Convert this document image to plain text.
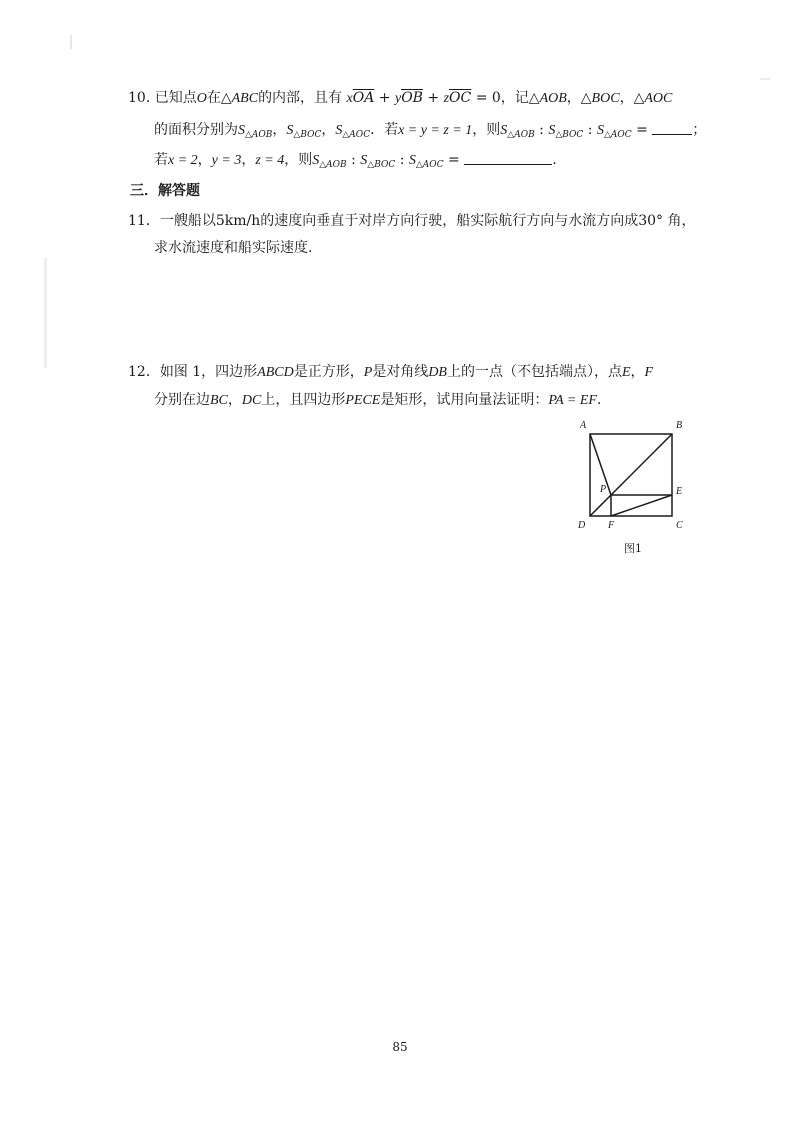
10. 已知点O在△ABC的内部，且有 $x\overline{OA} + y\overline{OB} + z\overline{OC} = 0$，记△AOB，△BOC，△AOC
的面积分别为$S_{\triangle AOB}$，$S_{\triangle BOC}$，$S_{\triangle AOC}$．若x = y = z = 1，则$S_{\triangle AOB}$ : $S_{\triangle BOC}$ : $S_{\triangle AOC}$ =	；
若x = 2，y = 3，z = 4，则$S_{\triangle AOB}$ : $S_{\triangle BOC}$ : $S_{\triangle AOC}$ =	.
三．解答题
11．一艘船以5km/h的速度向垂直于对岸方向行驶，船实际航行方向与水流方向成30° 角，
求水流速度和船实际速度.
12．如图 1，四边形ABCD是正方形，P是对角线DB上的一点（不包括端点），点E，F
分别在边BC，DC上，且四边形PECE是矩形，试用向量法证明：PA = EF.
A	B
P	E
D F	C
图1
85
